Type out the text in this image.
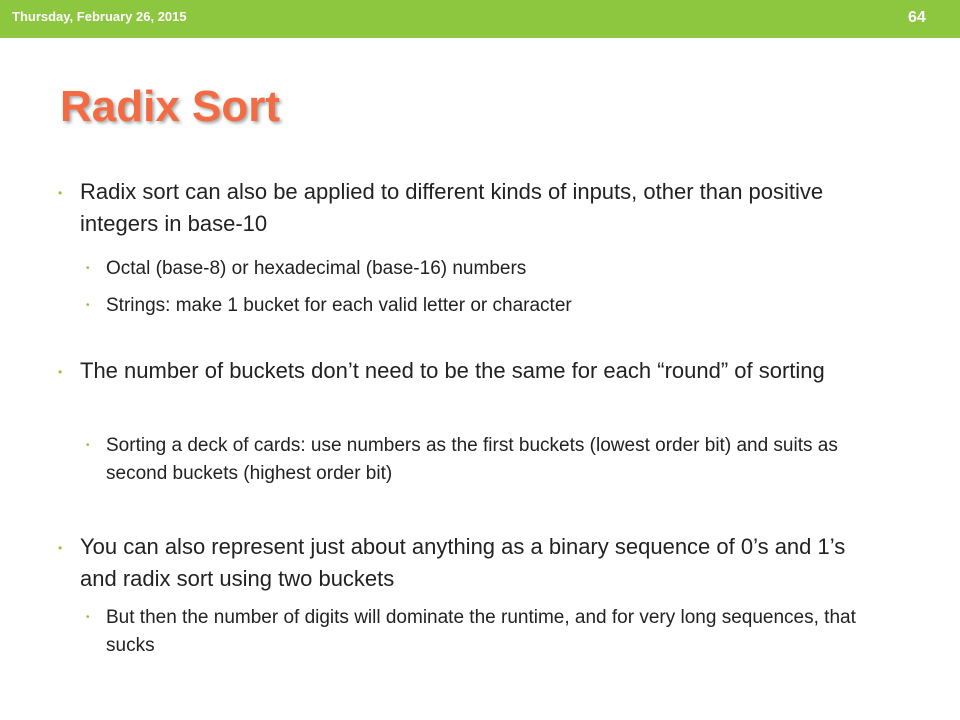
Thursday, February 26, 2015	64
Radix Sort
• Radix sort can also be applied to different kinds of inputs, other than positive integers in base-10
• Octal (base-8) or hexadecimal (base-16) numbers
• Strings: make 1 bucket for each valid letter or character
• The number of buckets don’t need to be the same for each “round” of sorting
• Sorting a deck of cards: use numbers as the first buckets (lowest order bit) and suits as second buckets (highest order bit)
• You can also represent just about anything as a binary sequence of 0’s and 1’s and radix sort using two buckets
• But then the number of digits will dominate the runtime, and for very long sequences, that sucks
